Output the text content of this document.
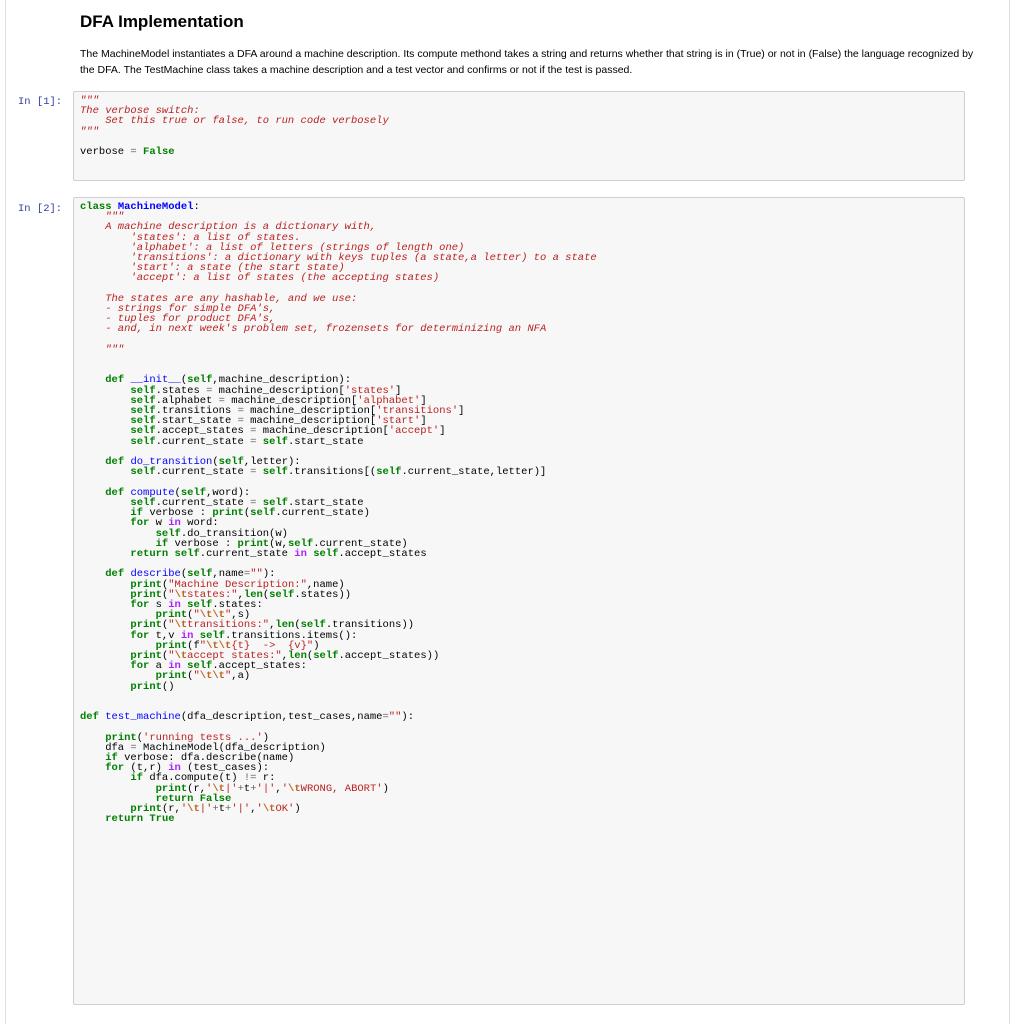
DFA Implementation

The MachineModel instantiates a DFA around a machine description. Its compute methond takes a string and returns whether that string is in (True) or not in (False) the language recognized by the DFA. The TestMachine class takes a machine description and a test vector and confirms or not if the test is passed.

In [1]:	"""
The verbose switch:
Set this true or false, to run code verbosely
"""

verbose = False
In [2]:	class MachineModel:
"""
A machine description is a dictionary with,
'states': a list of states.
'alphabet': a list of letters (strings of length one)
'transitions': a dictionary with keys tuples (a state,a letter) to a state
'start': a state (the start state)
'accept': a list of states (the accepting states)

The states are any hashable, and we use:
- strings for simple DFA's,
- tuples for product DFA's,
- and, in next week's problem set, frozensets for determinizing an NFA

"""

def __init__(self,machine_description):
self.states = machine_description['states']
self.alphabet = machine_description['alphabet']
self.transitions = machine_description['transitions']
self.start_state = machine_description['start']
self.accept_states = machine_description['accept']
self.current_state = self.start_state

def do_transition(self,letter):
self.current_state = self.transitions[(self.current_state,letter)]

def compute(self,word):
self.current_state = self.start_state
if verbose : print(self.current_state)
for w in word:
self.do_transition(w)
if verbose : print(w,self.current_state)
return self.current_state in self.accept_states

def describe(self,name=""):
print("Machine Description:",name)
print("\tstates:",len(self.states))
for s in self.states:
print("\t\t",s)
print("\ttransitions:",len(self.transitions))
for t,v in self.transitions.items():
print(f"\t\t{t}  ->  {v}")
print("\taccept states:",len(self.accept_states))
for a in self.accept_states:
print("\t\t",a)
print()

def test_machine(dfa_description,test_cases,name=""):

print('running tests ...')
dfa = MachineModel(dfa_description)
if verbose: dfa.describe(name)
for (t,r) in (test_cases):
if dfa.compute(t) != r:
print(r,'\t|'+t+'|','\tWRONG, ABORT')
return False
print(r,'\t|'+t+'|','\tOK')
return True
